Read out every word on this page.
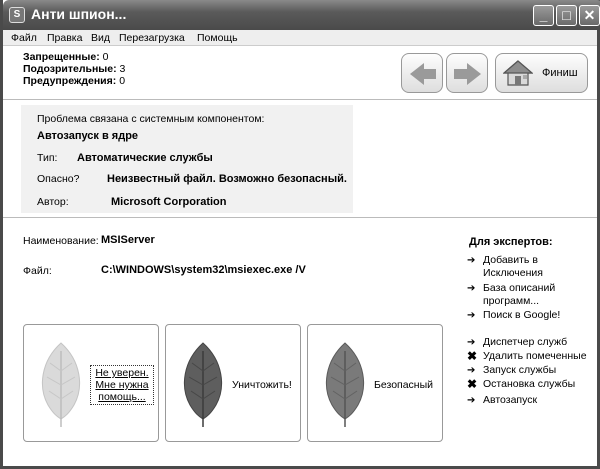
S Анти шпион...	_	□ ✕
Файл Правка Вид Перезагрузка Помощь
Запрещенные: 0
Подозрительные: 3
Предупреждения: 0
Финиш
Проблема связана с системным компонентом:
Автозапуск в ядре
Тип: Автоматические службы
Опасно?	Неизвестный файл. Возможно безопасный.
Автор:	Microsoft Corporation
Наименование: MSIServer
Файл:	C:\WINDOWS\system32\msiexec.exe /V
Для экспертов:
➔ Добавить в Исключения
➔ База описаний программ...
➔ Поиск в Google!
➔ Диспетчер служб
✖ Удалить помеченные
➔ Запуск службы
✖ Остановка службы
➔ Автозапуск
Не уверен. Мне нужна помощь...
Уничтожить!	Безопасный
